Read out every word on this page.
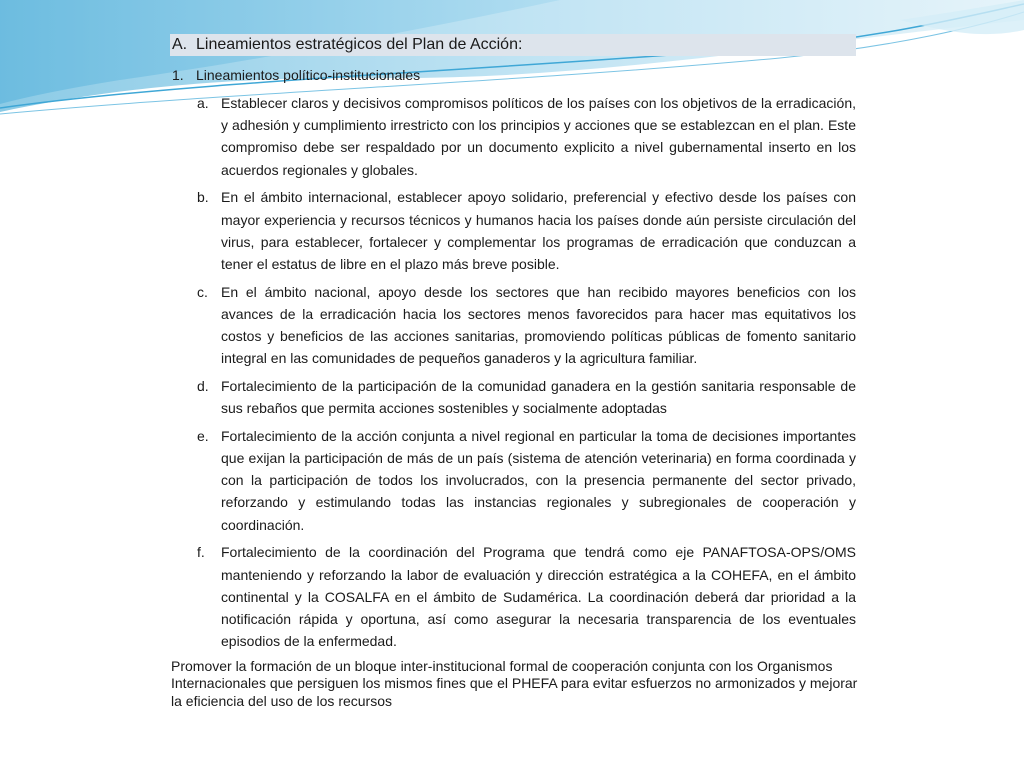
A. Lineamientos estratégicos del Plan de Acción:
1. Lineamientos político-institucionales
a. Establecer claros y decisivos compromisos políticos de los países con los objetivos de la erradicación, y adhesión y cumplimiento irrestricto con los principios y acciones que se establezcan en el plan. Este compromiso debe ser respaldado por un documento explicito a nivel gubernamental inserto en los acuerdos regionales y globales.
b. En el ámbito internacional, establecer apoyo solidario, preferencial y efectivo desde los países con mayor experiencia y recursos técnicos y humanos hacia los países donde aún persiste circulación del virus, para establecer, fortalecer y complementar los programas de erradicación que conduzcan a tener el estatus de libre en el plazo más breve posible.
c. En el ámbito nacional, apoyo desde los sectores que han recibido mayores beneficios con los avances de la erradicación hacia los sectores menos favorecidos para hacer mas equitativos los costos y beneficios de las acciones sanitarias, promoviendo políticas públicas de fomento sanitario integral en las comunidades de pequeños ganaderos y la agricultura familiar.
d. Fortalecimiento de la participación de la comunidad ganadera en la gestión sanitaria responsable de sus rebaños que permita acciones sostenibles y socialmente adoptadas
e. Fortalecimiento de la acción conjunta a nivel regional en particular la toma de decisiones importantes que exijan la participación de más de un país (sistema de atención veterinaria) en forma coordinada y con la participación de todos los involucrados, con la presencia permanente del sector privado, reforzando y estimulando todas las instancias regionales y subregionales de cooperación y coordinación.
f. Fortalecimiento de la coordinación del Programa que tendrá como eje PANAFTOSA-OPS/OMS manteniendo y reforzando la labor de evaluación y dirección estratégica a la COHEFA, en el ámbito continental y la COSALFA en el ámbito de Sudamérica. La coordinación deberá dar prioridad a la notificación rápida y oportuna, así como asegurar la necesaria transparencia de los eventuales episodios de la enfermedad.
Promover la formación de un bloque inter-institucional formal de cooperación conjunta con los Organismos Internacionales que persiguen los mismos fines que el PHEFA para evitar esfuerzos no armonizados y mejorar la eficiencia del uso de los recursos
